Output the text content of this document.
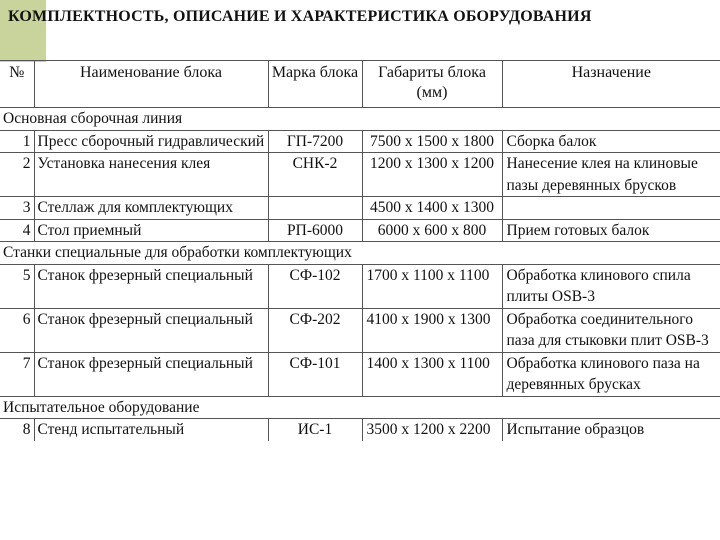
КОМПЛЕКТНОСТЬ, ОПИСАНИЕ И ХАРАКТЕРИСТИКА ОБОРУДОВАНИЯ
№	Наименование блока	Марка блока	Габариты блока (мм)	Назначение
Основная сборочная линия				
1	Пресс сборочный гидравлический	ГП-7200	7500 х 1500 х 1800	Сборка балок
2	Установка нанесения клея	СНК-2	1200 х 1300 х 1200	Нанесение клея на клиновые пазы деревянных брусков
3	Стеллаж для комплектующих		4500 х 1400 х 1300	
4	Стол приемный	РП-6000	6000 х 600 х 800	Прием готовых балок
Станки специальные для обработки комплектующих				
5	Станок фрезерный специальный	СФ-102	1700 х 1100 х 1100	Обработка клинового спила плиты OSB-3
6	Станок фрезерный специальный	СФ-202	4100 х 1900 х 1300	Обработка соединительного паза для стыковки плит OSB-3
7	Станок фрезерный специальный	СФ-101	1400 х 1300 х 1100	Обработка клинового паза на деревянных брусках
Испытательное оборудование				
8	Стенд испытательный	ИС-1	3500 х 1200 х 2200	Испытание образцов
